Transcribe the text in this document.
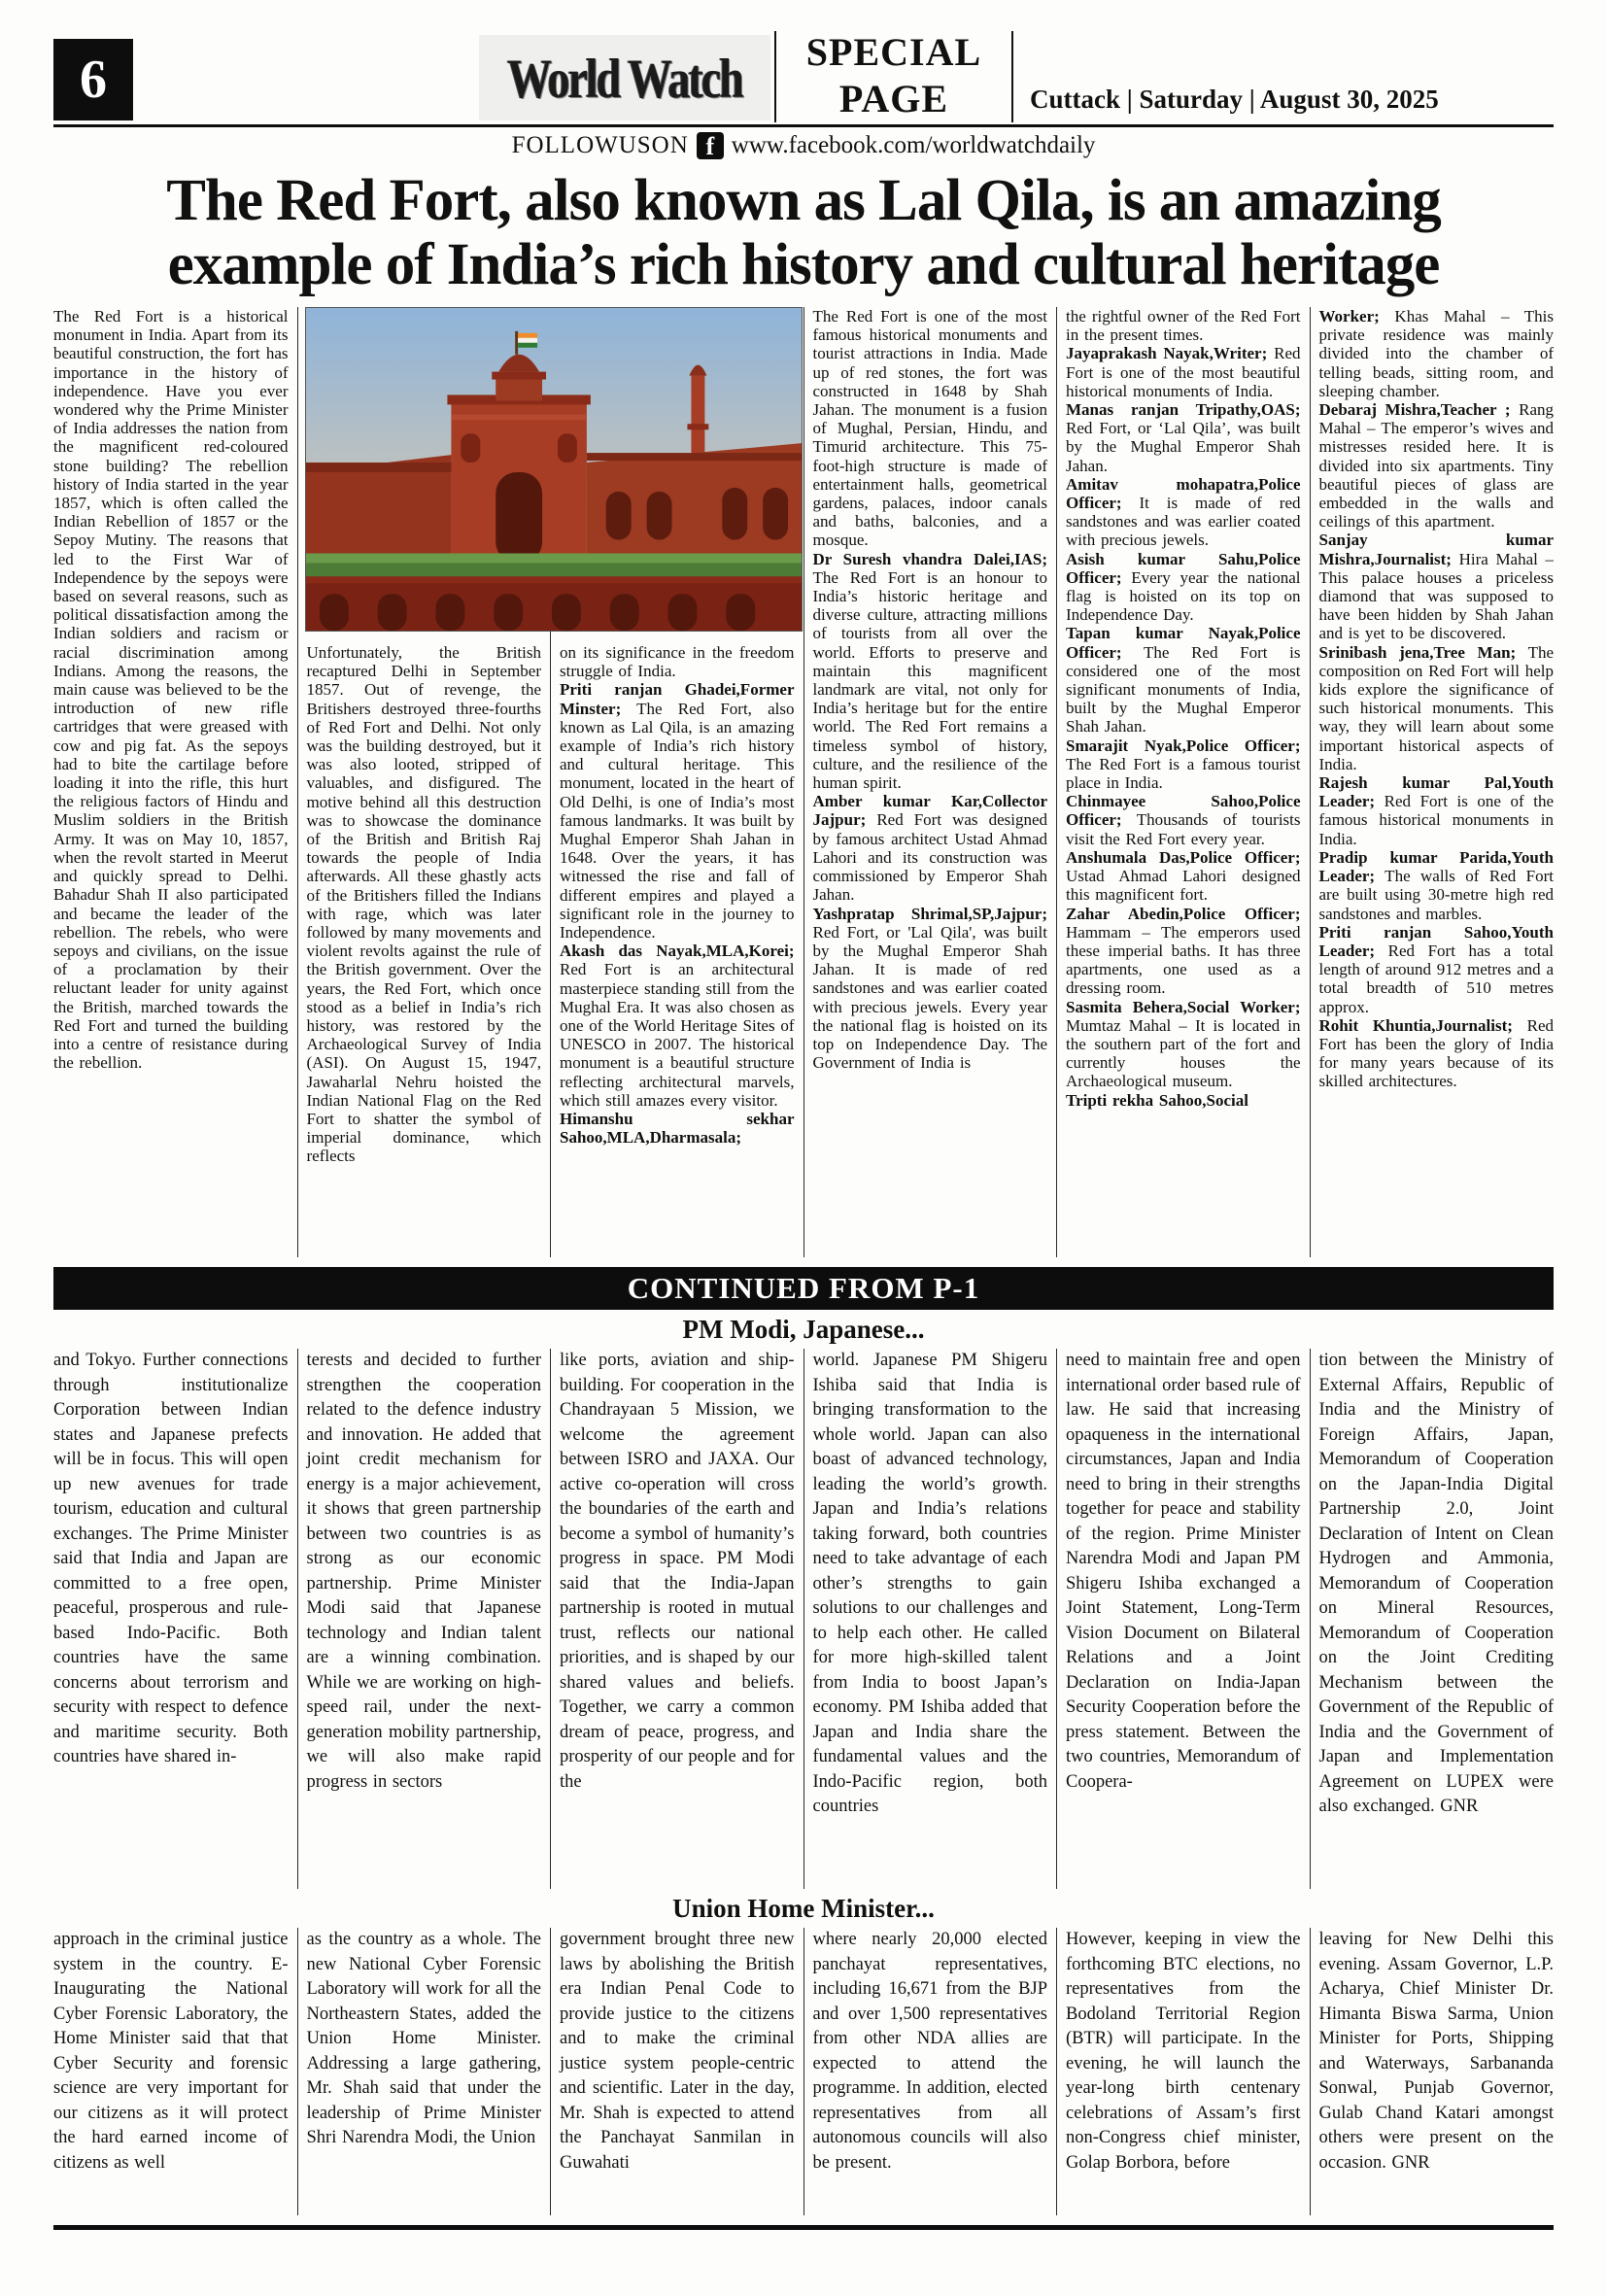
6	World Watch	SPECIAL
PAGE	Cuttack | Saturday | August 30, 2025
FOLLOWUSON f www.facebook.com/worldwatchdaily
The Red Fort, also known as Lal Qila, is an amazing
example of India’s rich history and cultural heritage

The Red Fort is a historical monument in India. Apart from its beautiful construction, the fort has importance in the history of independence. Have you ever wondered why the Prime Minister of India addresses the nation from the magnificent red-coloured stone building? The rebellion history of India started in the year 1857, which is often called the Indian Rebellion of 1857 or the Sepoy Mutiny. The reasons that led to the First War of Independence by the sepoys were based on several reasons, such as political dissatisfaction among the Indian soldiers and racism or racial discrimination among Indians. Among the reasons, the main cause was believed to be the introduction of new rifle cartridges that were greased with cow and pig fat. As the sepoys had to bite the cartilage before loading it into the rifle, this hurt the religious factors of Hindu and Muslim soldiers in the British Army. It was on May 10, 1857, when the revolt started in Meerut and quickly spread to Delhi. Bahadur Shah II also participated and became the leader of the rebellion. The rebels, who were sepoys and civilians, on the issue of a proclamation by their reluctant leader for unity against the British, marched towards the Red Fort and turned the building into a centre of resistance during the rebellion.

Unfortunately, the British recaptured Delhi in September 1857. Out of revenge, the Britishers destroyed three-fourths of Red Fort and Delhi. Not only was the building destroyed, but it was also looted, stripped of valuables, and disfigured. The motive behind all this destruction was to showcase the dominance of the British and British Raj towards the people of India afterwards. All these ghastly acts of the Britishers filled the Indians with rage, which was later followed by many movements and violent revolts against the rule of the British government. Over the years, the Red Fort, which once stood as a belief in India’s rich history, was restored by the Archaeological Survey of India (ASI). On August 15, 1947, Jawaharlal Nehru hoisted the Indian National Flag on the Red Fort to shatter the symbol of imperial dominance, which reflects

on its significance in the freedom struggle of India.

Priti ranjan Ghadei,Former Minster; The Red Fort, also known as Lal Qila, is an amazing example of India’s rich history and cultural heritage. This monument, located in the heart of Old Delhi, is one of India’s most famous landmarks. It was built by Mughal Emperor Shah Jahan in 1648. Over the years, it has witnessed the rise and fall of different empires and played a significant role in the journey to Independence.

Akash das Nayak,MLA,Korei; Red Fort is an architectural masterpiece standing still from the Mughal Era. It was also chosen as one of the World Heritage Sites of UNESCO in 2007. The historical monument is a beautiful structure reflecting architectural marvels, which still amazes every visitor.

Himanshu sekhar Sahoo,MLA,Dharmasala;

The Red Fort is one of the most famous historical monuments and tourist attractions in India. Made up of red stones, the fort was constructed in 1648 by Shah Jahan. The monument is a fusion of Mughal, Persian, Hindu, and Timurid architecture. This 75-foot-high structure is made of entertainment halls, geometrical gardens, palaces, indoor canals and baths, balconies, and a mosque.

Dr Suresh vhandra Dalei,IAS; The Red Fort is an honour to India’s historic heritage and diverse culture, attracting millions of tourists from all over the world. Efforts to preserve and maintain this magnificent landmark are vital, not only for India’s heritage but for the entire world. The Red Fort remains a timeless symbol of history, culture, and the resilience of the human spirit.

Amber kumar Kar,Collector Jajpur; Red Fort was designed by famous architect Ustad Ahmad Lahori and its construction was commissioned by Emperor Shah Jahan.

Yashpratap Shrimal,SP,Jajpur; Red Fort, or 'Lal Qila', was built by the Mughal Emperor Shah Jahan. It is made of red sandstones and was earlier coated with precious jewels. Every year the national flag is hoisted on its top on Independence Day. The Government of India is

the rightful owner of the Red Fort in the present times.

Jayaprakash Nayak,Writer; Red Fort is one of the most beautiful historical monuments of India.

Manas ranjan Tripathy,OAS; Red Fort, or ‘Lal Qila’, was built by the Mughal Emperor Shah Jahan.

Amitav mohapatra,Police Officer; It is made of red sandstones and was earlier coated with precious jewels.

Asish kumar Sahu,Police Officer; Every year the national flag is hoisted on its top on Independence Day.

Tapan kumar Nayak,Police Officer; The Red Fort is considered one of the most significant monuments of India, built by the Mughal Emperor Shah Jahan.

Smarajit Nyak,Police Officer; The Red Fort is a famous tourist place in India.

Chinmayee Sahoo,Police Officer; Thousands of tourists visit the Red Fort every year.

Anshumala Das,Police Officer; Ustad Ahmad Lahori designed this magnificent fort.

Zahar Abedin,Police Officer; Hammam – The emperors used these imperial baths. It has three apartments, one used as a dressing room.

Sasmita Behera,Social Worker; Mumtaz Mahal – It is located in the southern part of the fort and currently houses the Archaeological museum.

Tripti rekha Sahoo,Social

Worker; Khas Mahal – This private residence was mainly divided into the chamber of telling beads, sitting room, and sleeping chamber.

Debaraj Mishra,Teacher ; Rang Mahal – The emperor’s wives and mistresses resided here. It is divided into six apartments. Tiny beautiful pieces of glass are embedded in the walls and ceilings of this apartment.

Sanjay kumar Mishra,Journalist; Hira Mahal – This palace houses a priceless diamond that was supposed to have been hidden by Shah Jahan and is yet to be discovered.

Srinibash jena,Tree Man; The composition on Red Fort will help kids explore the significance of such historical monuments. This way, they will learn about some important historical aspects of India.

Rajesh kumar Pal,Youth Leader; Red Fort is one of the famous historical monuments in India.

Pradip kumar Parida,Youth Leader; The walls of Red Fort are built using 30-metre high red sandstones and marbles.

Priti ranjan Sahoo,Youth Leader; Red Fort has a total length of around 912 metres and a total breadth of 510 metres approx.

Rohit Khuntia,Journalist; Red Fort has been the glory of India for many years because of its skilled architectures.

CONTINUED FROM P-1
PM Modi, Japanese...

and Tokyo. Further connections through institutionalize Corporation between Indian states and Japanese prefects will be in focus. This will open up new avenues for trade tourism, education and cultural exchanges. The Prime Minister said that India and Japan are committed to a free open, peaceful, prosperous and rule-based Indo-Pacific. Both countries have the same concerns about terrorism and security with respect to defence and maritime security. Both countries have shared in-

terests and decided to further strengthen the cooperation related to the defence industry and innovation. He added that joint credit mechanism for energy is a major achievement, it shows that green partnership between two countries is as strong as our economic partnership. Prime Minister Modi said that Japanese technology and Indian talent are a winning combination. While we are working on high-speed rail, under the next-generation mobility partnership, we will also make rapid progress in sectors

like ports, aviation and ship-building. For cooperation in the Chandrayaan 5 Mission, we welcome the agreement between ISRO and JAXA. Our active co-operation will cross the boundaries of the earth and become a symbol of humanity’s progress in space. PM Modi said that the India-Japan partnership is rooted in mutual trust, reflects our national priorities, and is shaped by our shared values and beliefs. Together, we carry a common dream of peace, progress, and prosperity of our people and for the

world. Japanese PM Shigeru Ishiba said that India is bringing transformation to the whole world. Japan can also boast of advanced technology, leading the world’s growth. Japan and India’s relations taking forward, both countries need to take advantage of each other’s strengths to gain solutions to our challenges and to help each other. He called for more high-skilled talent from India to boost Japan’s economy. PM Ishiba added that Japan and India share the fundamental values and the Indo-Pacific region, both countries

need to maintain free and open international order based rule of law. He said that increasing opaqueness in the international circumstances, Japan and India need to bring in their strengths together for peace and stability of the region. Prime Minister Narendra Modi and Japan PM Shigeru Ishiba exchanged a Joint Statement, Long-Term Vision Document on Bilateral Relations and a Joint Declaration on India-Japan Security Cooperation before the press statement. Between the two countries, Memorandum of Coopera-

tion between the Ministry of External Affairs, Republic of India and the Ministry of Foreign Affairs, Japan, Memorandum of Cooperation on the Japan-India Digital Partnership 2.0, Joint Declaration of Intent on Clean Hydrogen and Ammonia, Memorandum of Cooperation on Mineral Resources, Memorandum of Cooperation on the Joint Crediting Mechanism between the Government of the Republic of India and the Government of Japan and Implementation Agreement on LUPEX were also exchanged. GNR

Union Home Minister...

approach in the criminal justice system in the country. E-Inaugurating the National Cyber Forensic Laboratory, the Home Minister said that that Cyber Security and forensic science are very important for our citizens as it will protect the hard earned income of citizens as well

as the country as a whole. The new National Cyber Forensic Laboratory will work for all the Northeastern States, added the Union Home Minister. Addressing a large gathering, Mr. Shah said that under the leadership of Prime Minister Shri Narendra Modi, the Union

government brought three new laws by abolishing the British era Indian Penal Code to provide justice to the citizens and to make the criminal justice system people-centric and scientific. Later in the day, Mr. Shah is expected to attend the Panchayat Sanmilan in Guwahati

where nearly 20,000 elected panchayat representatives, including 16,671 from the BJP and over 1,500 representatives from other NDA allies are expected to attend the programme. In addition, elected representatives from all autonomous councils will also be present.

However, keeping in view the forthcoming BTC elections, no representatives from the Bodoland Territorial Region (BTR) will participate. In the evening, he will launch the year-long birth centenary celebrations of Assam’s first non-Congress chief minister, Golap Borbora, before

leaving for New Delhi this evening. Assam Governor, L.P. Acharya, Chief Minister Dr. Himanta Biswa Sarma, Union Minister for Ports, Shipping and Waterways, Sarbananda Sonwal, Punjab Governor, Gulab Chand Katari amongst others were present on the occasion. GNR
